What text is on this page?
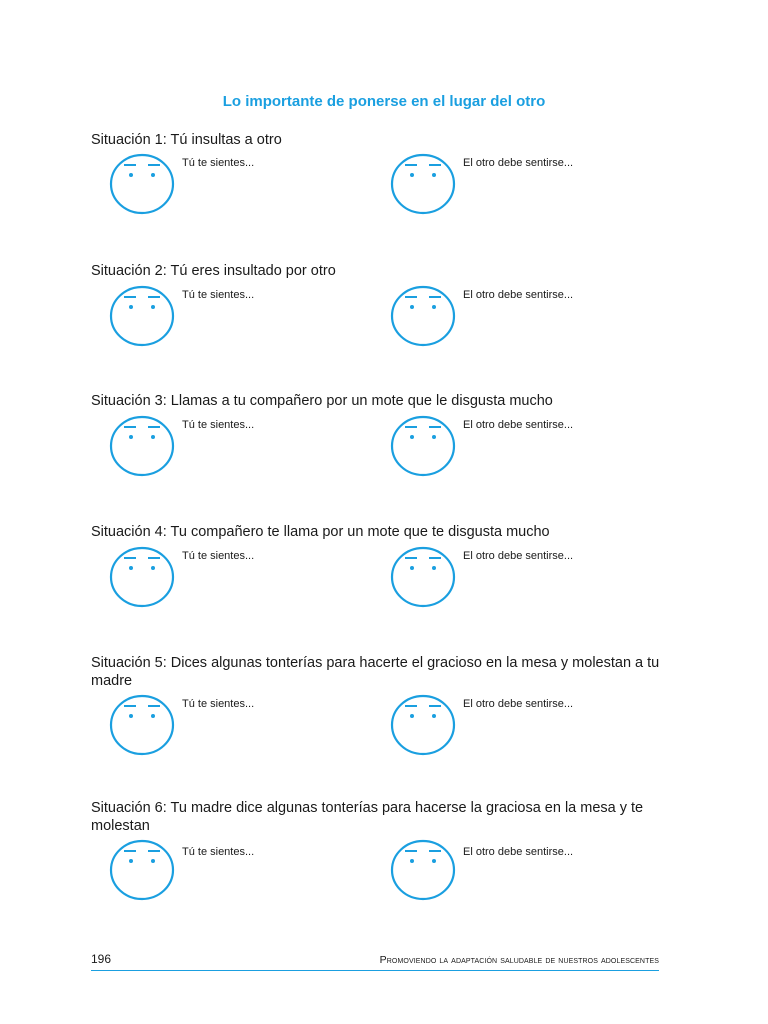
Lo importante de ponerse en el lugar del otro
Situación 1: Tú insultas a otro
Tú te sientes...	El otro debe sentirse...
Situación 2: Tú eres insultado por otro
Tú te sientes...	El otro debe sentirse...
Situación 3: Llamas a tu compañero por un mote que le disgusta mucho
Tú te sientes...	El otro debe sentirse...
Situación 4: Tu compañero te llama por un mote que te disgusta mucho
Tú te sientes...	El otro debe sentirse...
Situación 5: Dices algunas tonterías para hacerte el gracioso en la mesa y molestan a tu madre
Tú te sientes...	El otro debe sentirse...
Situación 6: Tu madre dice algunas tonterías para hacerse la graciosa en la mesa y te molestan
Tú te sientes...	El otro debe sentirse...
196	Promoviendo la adaptación saludable de nuestros adolescentes
